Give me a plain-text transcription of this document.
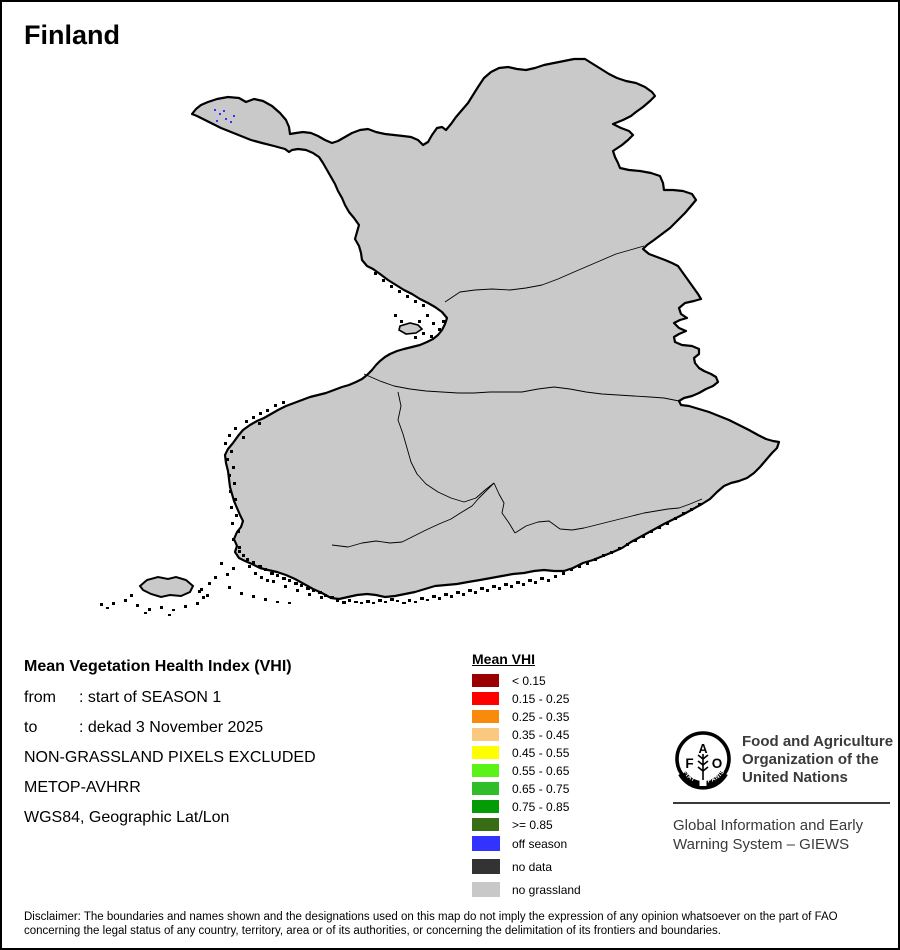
Finland
Mean Vegetation Health Index (VHI)
from : start of SEASON 1
to	: dekad 3 November 2025
NON-GRASSLAND PIXELS EXCLUDED
METOP-AVHRR
WGS84, Geographic Lat/Lon
Mean VHI
< 0.15
0.15 - 0.25
0.25 - 0.35
0.35 - 0.45
0.45 - 0.55
0.55 - 0.65
0.65 - 0.75
0.75 - 0.85
>= 0.85
off season
no data
no grassland
FIAT PANIS
A
F O
Food and Agriculture
Organization of the
United Nations
Global Information and Early
Warning System – GIEWS
Disclaimer: The boundaries and names shown and the designations used on this map do not imply the expression of any opinion whatsoever on the part of FAO
concerning the legal status of any country, territory, area or of its authorities, or concerning the delimitation of its frontiers and boundaries.
